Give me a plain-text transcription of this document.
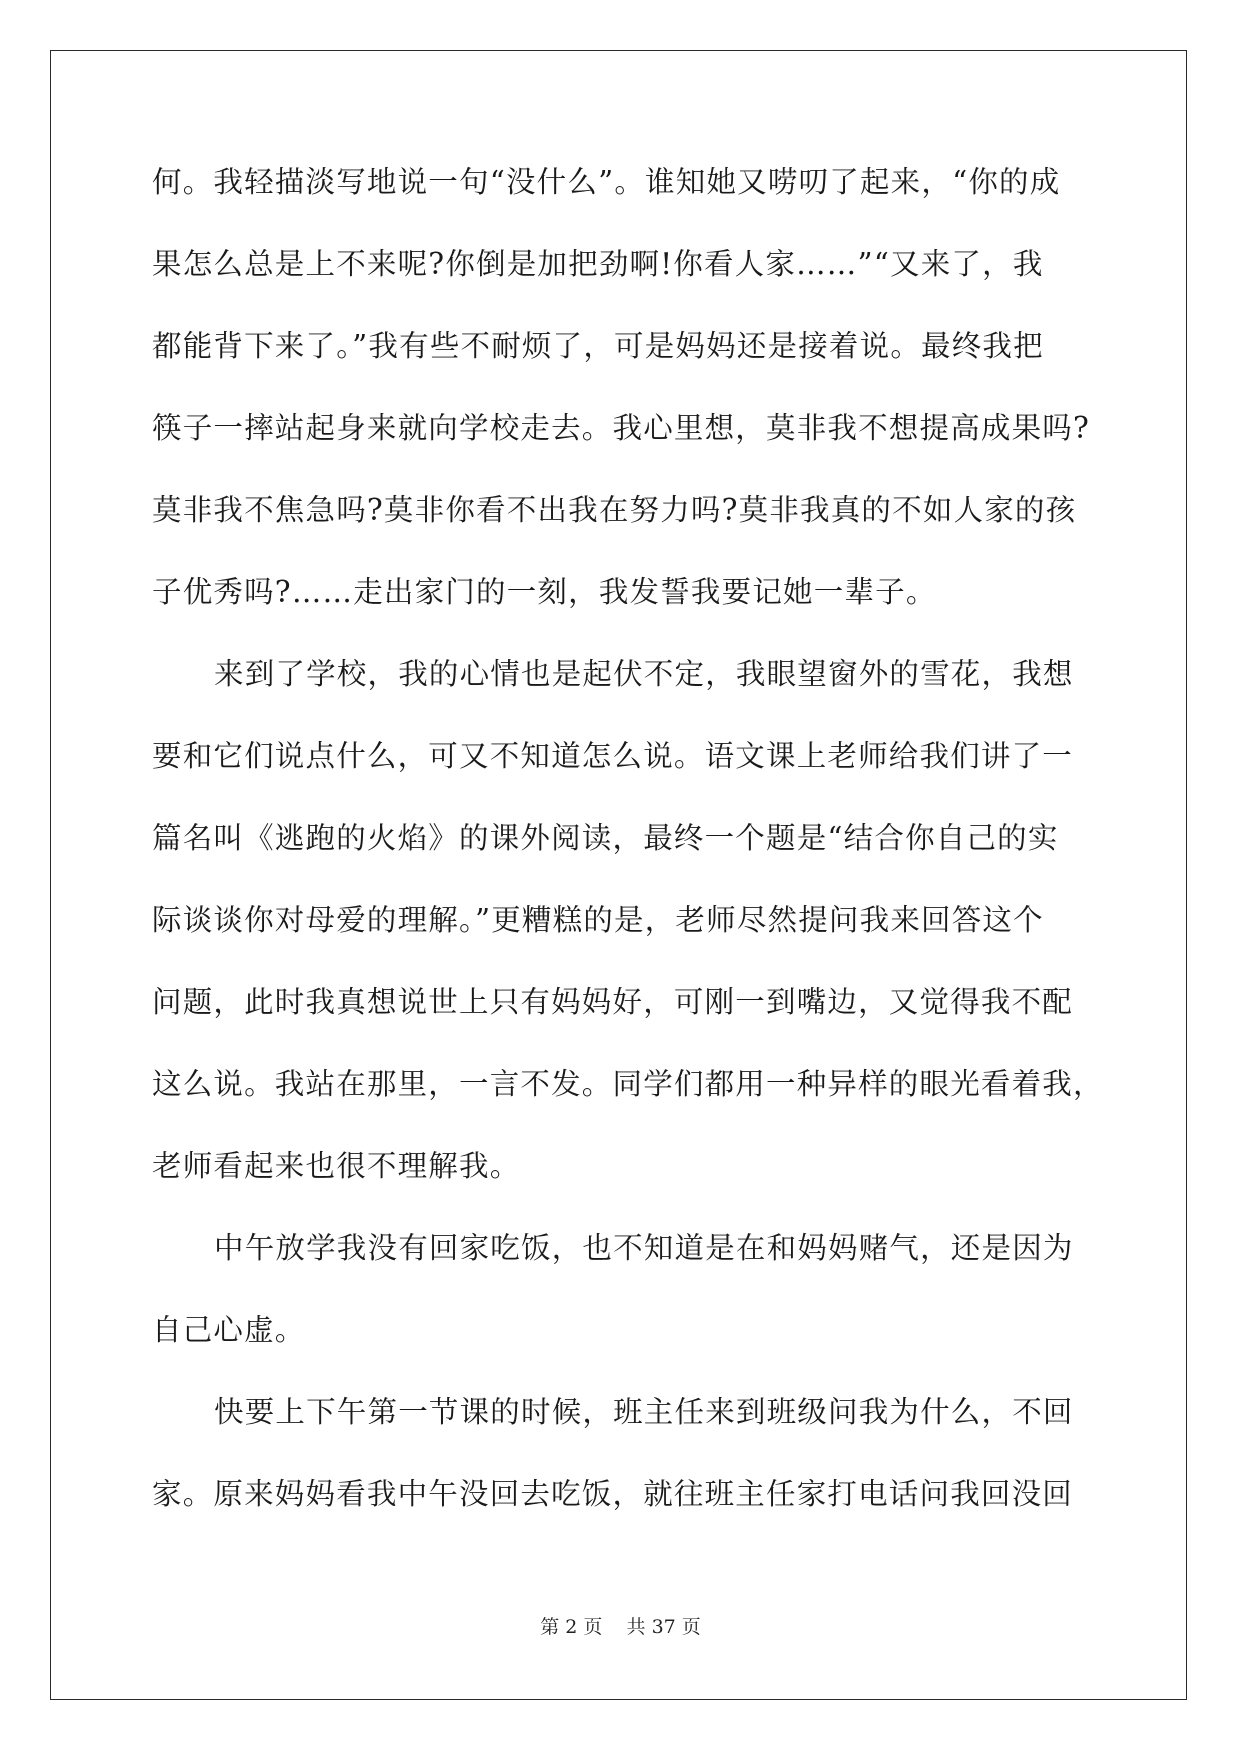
何。我轻描淡写地说一句“没什么”。谁知她又唠叨了起来，“你的成
果怎么总是上不来呢?你倒是加把劲啊!你看人家……”“又来了，我
都能背下来了。”我有些不耐烦了，可是妈妈还是接着说。最终我把
筷子一摔站起身来就向学校走去。我心里想，莫非我不想提高成果吗?
莫非我不焦急吗?莫非你看不出我在努力吗?莫非我真的不如人家的孩
子优秀吗?……走出家门的一刻，我发誓我要记她一辈子。
来到了学校，我的心情也是起伏不定，我眼望窗外的雪花，我想
要和它们说点什么，可又不知道怎么说。语文课上老师给我们讲了一
篇名叫《逃跑的火焰》的课外阅读，最终一个题是“结合你自己的实
际谈谈你对母爱的理解。”更糟糕的是，老师尽然提问我来回答这个
问题，此时我真想说世上只有妈妈好，可刚一到嘴边，又觉得我不配
这么说。我站在那里，一言不发。同学们都用一种异样的眼光看着我，
老师看起来也很不理解我。
中午放学我没有回家吃饭，也不知道是在和妈妈赌气，还是因为
自己心虚。
快要上下午第一节课的时候，班主任来到班级问我为什么，不回
家。原来妈妈看我中午没回去吃饭，就往班主任家打电话问我回没回
第 2 页 共 37 页
